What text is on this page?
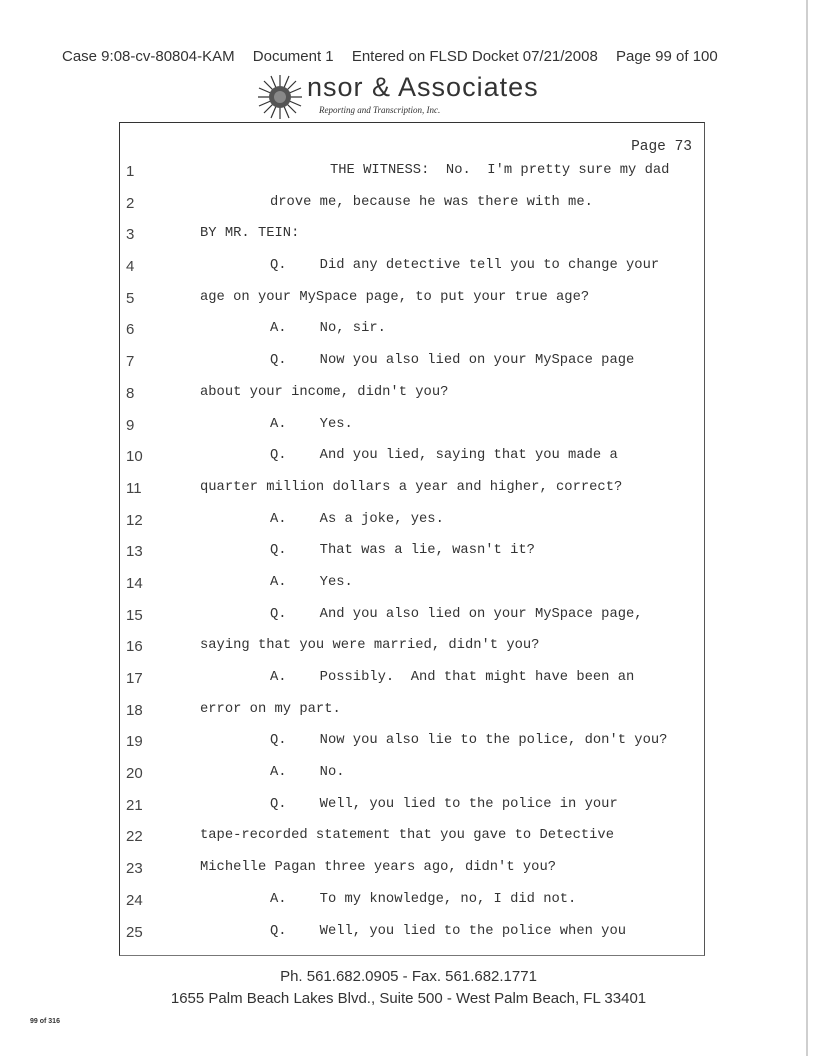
Case 9:08-cv-80804-KAM Document 1 Entered on FLSD Docket 07/21/2008 Page 99 of 100
nsor & Associates
Reporting and Transcription, Inc.
Page 73
1	THE WITNESS:  No.  I'm pretty sure my dad
2	drove me, because he was there with me.
3	BY MR. TEIN:
4	Q.    Did any detective tell you to change your
5	age on your MySpace page, to put your true age?
6	A.    No, sir.
7	Q.    Now you also lied on your MySpace page
8	about your income, didn't you?
9	A.    Yes.
10	Q.    And you lied, saying that you made a
11	quarter million dollars a year and higher, correct?
12	A.    As a joke, yes.
13	Q.    That was a lie, wasn't it?
14	A.    Yes.
15	Q.    And you also lied on your MySpace page,
16	saying that you were married, didn't you?
17	A.    Possibly.  And that might have been an
18	error on my part.
19	Q.    Now you also lie to the police, don't you?
20	A.    No.
21	Q.    Well, you lied to the police in your
22	tape-recorded statement that you gave to Detective
23	Michelle Pagan three years ago, didn't you?
24	A.    To my knowledge, no, I did not.
25	Q.    Well, you lied to the police when you
Ph. 561.682.0905 - Fax. 561.682.1771
1655 Palm Beach Lakes Blvd., Suite 500 - West Palm Beach, FL 33401
99 of 316
